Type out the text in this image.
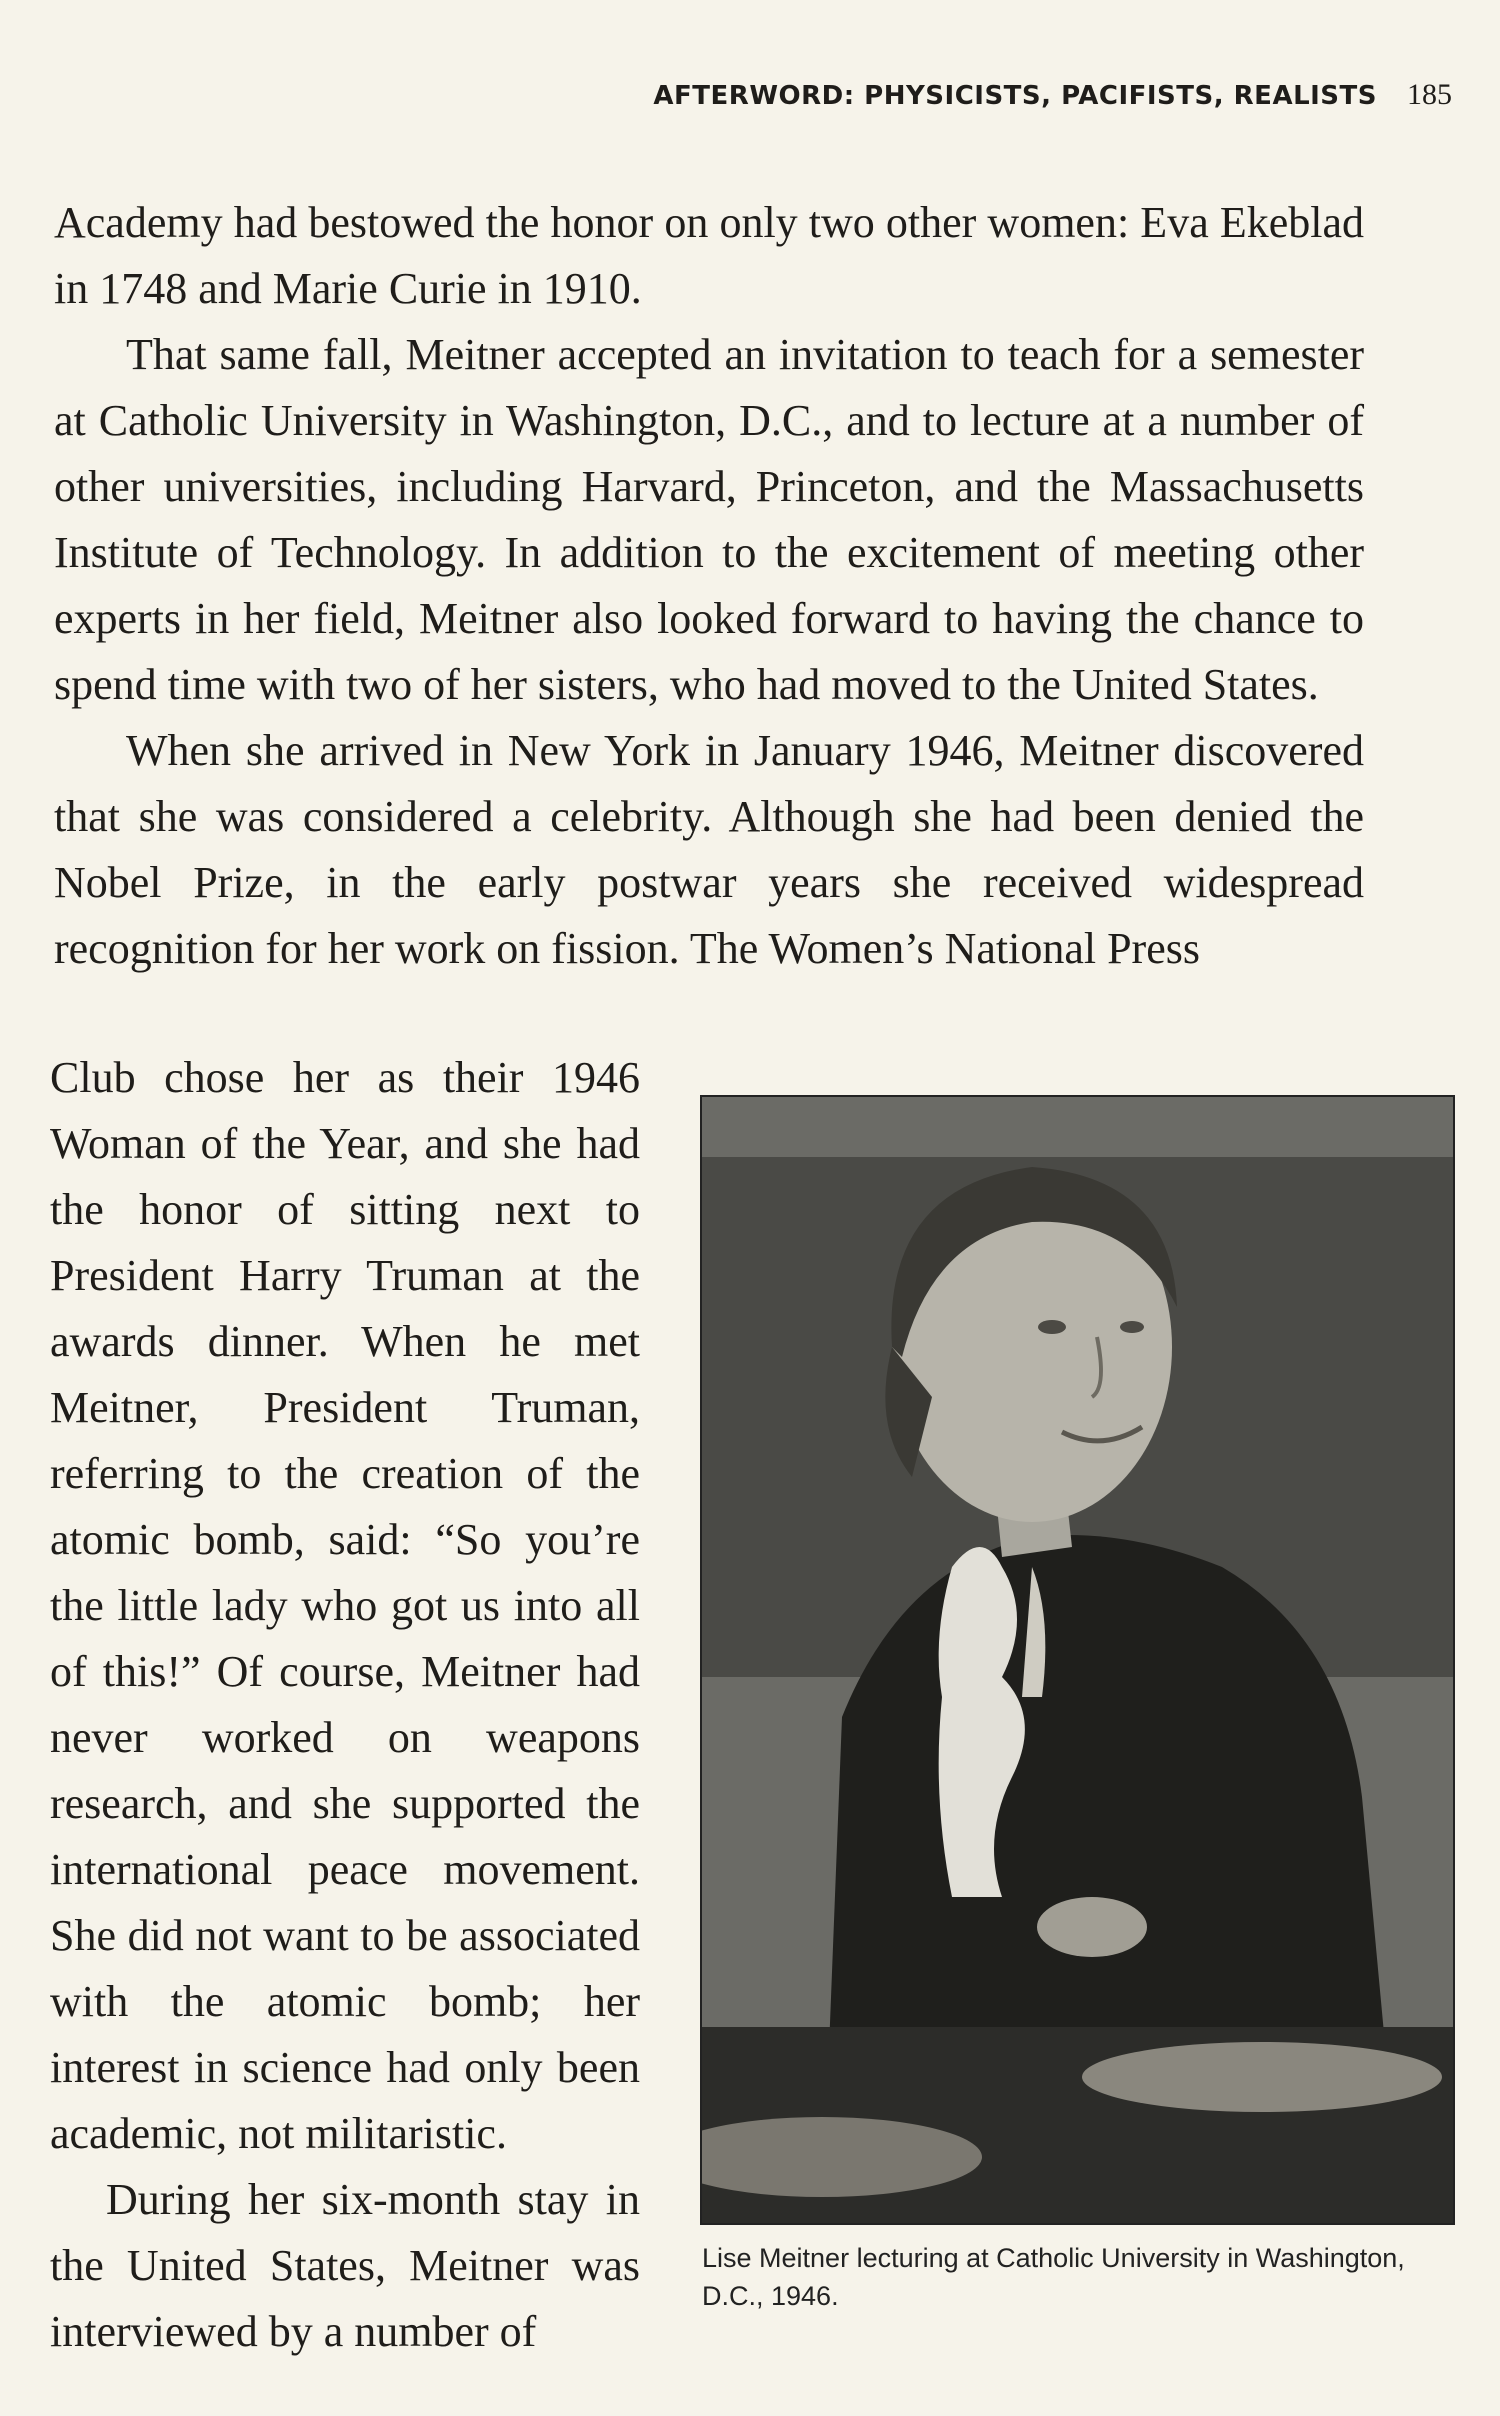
AFTERWORD: PHYSICISTS, PACIFISTS, REALISTS 185

Academy had bestowed the honor on only two other women: Eva Ekeblad in 1748 and Marie Curie in 1910.

That same fall, Meitner accepted an invitation to teach for a semester at Catholic University in Washington, D.C., and to lecture at a number of other universities, including Harvard, Princeton, and the Massachusetts Institute of Technology. In addition to the excitement of meeting other experts in her field, Meitner also looked forward to having the chance to spend time with two of her sisters, who had moved to the United States.

When she arrived in New York in January 1946, Meitner discovered that she was considered a celebrity. Although she had been denied the Nobel Prize, in the early postwar years she received widespread recognition for her work on fission. The Women’s National Press

Club chose her as their 1946 Woman of the Year, and she had the honor of sitting next to President Harry Truman at the awards dinner. When he met Meitner, President Truman, referring to the creation of the atomic bomb, said: “So you’re the little lady who got us into all of this!” Of course, Meitner had never worked on weapons research, and she supported the international peace movement. She did not want to be associated with the atomic bomb; her interest in science had only been academic, not militaristic.

During her six-month stay in the United States, Meitner was interviewed by a number of

Lise Meitner lecturing at Catholic University in Washington, D.C., 1946.
